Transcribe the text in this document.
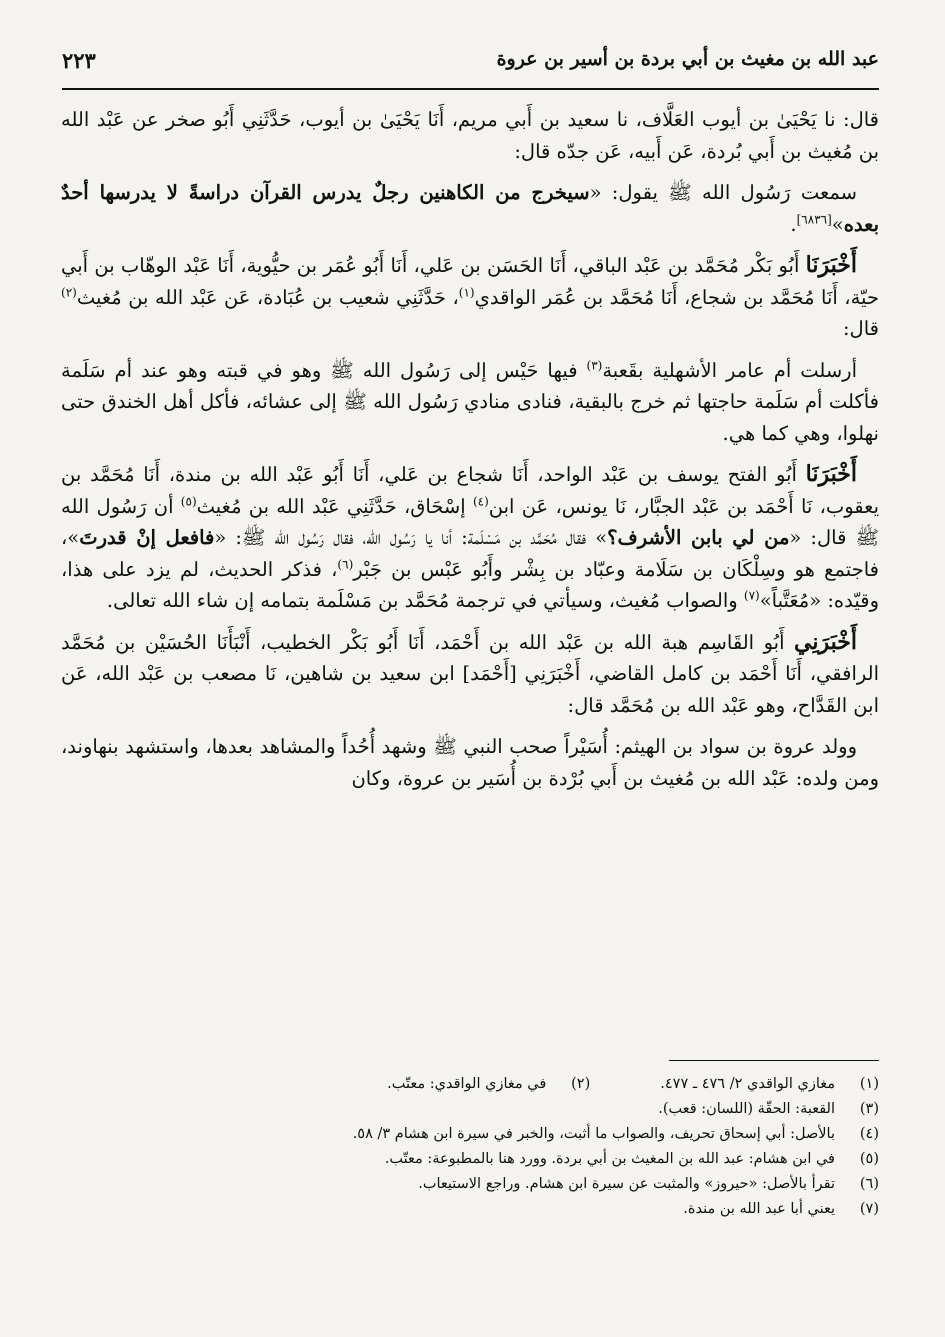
عبد الله بن مغيث بن أبي بردة بن أسير بن عروة
٢٢٣

قال: نا يَحْيَىٰ بن أيوب العَلَّاف، نا سعيد بن أَبي مريم، أَنَا يَحْيَىٰ بن أيوب، حَدَّثَنِي أَبُو صخر عن عَبْد الله بن مُغيث بن أَبي بُردة، عَن أَبيه، عَن جدّه قال:

سمعت رَسُول الله ﷺ يقول: «سيخرج من الكاهنين رجلٌ يدرس القرآن دراسةً لا يدرسها أحدٌ بعده»[٦٨٣٦].

أَخْبَرَنَا أَبُو بَكْر مُحَمَّد بن عَبْد الباقي، أَنَا الحَسَن بن عَلي، أَنَا أَبُو عُمَر بن حيُّوية، أَنَا عَبْد الوهّاب بن أَبي حيّة، أَنَا مُحَمَّد بن شجاع، أَنَا مُحَمَّد بن عُمَر الواقدي$^{(١)}$، حَدَّثَنِي شعيب بن عُبَادة، عَن عَبْد الله بن مُغيث$^{(٢)}$ قال:

أرسلت أم عامر الأشهلية بقَعبة$^{(٣)}$ فيها حَيْس إلى رَسُول الله ﷺ وهو في قبته وهو عند أم سَلَمة فأكلت أم سَلَمة حاجتها ثم خرج بالبقية، فنادى منادي رَسُول الله ﷺ إلى عشائه، فأكل أهل الخندق حتى نهلوا، وهي كما هي.

أَخْبَرَنَا أَبُو الفتح يوسف بن عَبْد الواحد، أَنَا شجاع بن عَلي، أَنَا أَبُو عَبْد الله بن مندة، أَنَا مُحَمَّد بن يعقوب، نَا أَحْمَد بن عَبْد الجبَّار، نَا يونس، عَن ابن$^{(٤)}$ إسْحَاق، حَدَّثَنِي عَبْد الله بن مُغيث$^{(٥)}$ أن رَسُول الله ﷺ قال: «من لي بابن الأشرف؟» فقال مُحَمَّد بن مَسْلَمة: أنا يا رَسُول الله، فقال رَسُول الله ﷺ: «فافعل إنْ قدرتَ»، فاجتمع هو وسِلْكَان بن سَلَامة وعبّاد بن بِشْر وأَبُو عَبْس بن جَبْر$^{(٦)}$، فذكر الحديث، لم يزد على هذا، وقيّده: «مُعَتَّباً»$^{(٧)}$ والصواب مُغيث، وسيأتي في ترجمة مُحَمَّد بن مَسْلَمة بتمامه إن شاء الله تعالى.

أَخْبَرَنِي أَبُو القَاسِم هبة الله بن عَبْد الله بن أَحْمَد، أَنَا أَبُو بَكْر الخطيب، أَنْبَأَنَا الحُسَيْن بن مُحَمَّد الرافقي، أَنَا أَحْمَد بن كامل القاضي، أَخْبَرَنِي [أَحْمَد] ابن سعيد بن شاهين، نَا مصعب بن عَبْد الله، عَن ابن القَدَّاح، وهو عَبْد الله بن مُحَمَّد قال:

وولد عروة بن سواد بن الهيثم: أُسَيْراً صحب النبي ﷺ وشهد أُحُداً والمشاهد بعدها، واستشهد بنهاوند، ومن ولده: عَبْد الله بن مُغيث بن أَبي بُرْدة بن أُسَير بن عروة، وكان

(١)
مغازي الواقدي ٢/ ٤٧٦ ـ ٤٧٧.
(٢)
في مغازي الواقدي: معتّب.
(٣)
القعبة: الحقّة (اللسان: قعب).
(٤)
بالأصل: أبي إسحاق تحريف، والصواب ما أثبت، والخبر في سيرة ابن هشام ٣/ ٥٨.
(٥)
في ابن هشام: عبد الله بن المغيث بن أبي بردة. وورد هنا بالمطبوعة: معتّب.
(٦)
تقرأ بالأصل: «حيروز» والمثبت عن سيرة ابن هشام. وراجع الاستيعاب.
(٧)
يعني أبا عبد الله بن مندة.
